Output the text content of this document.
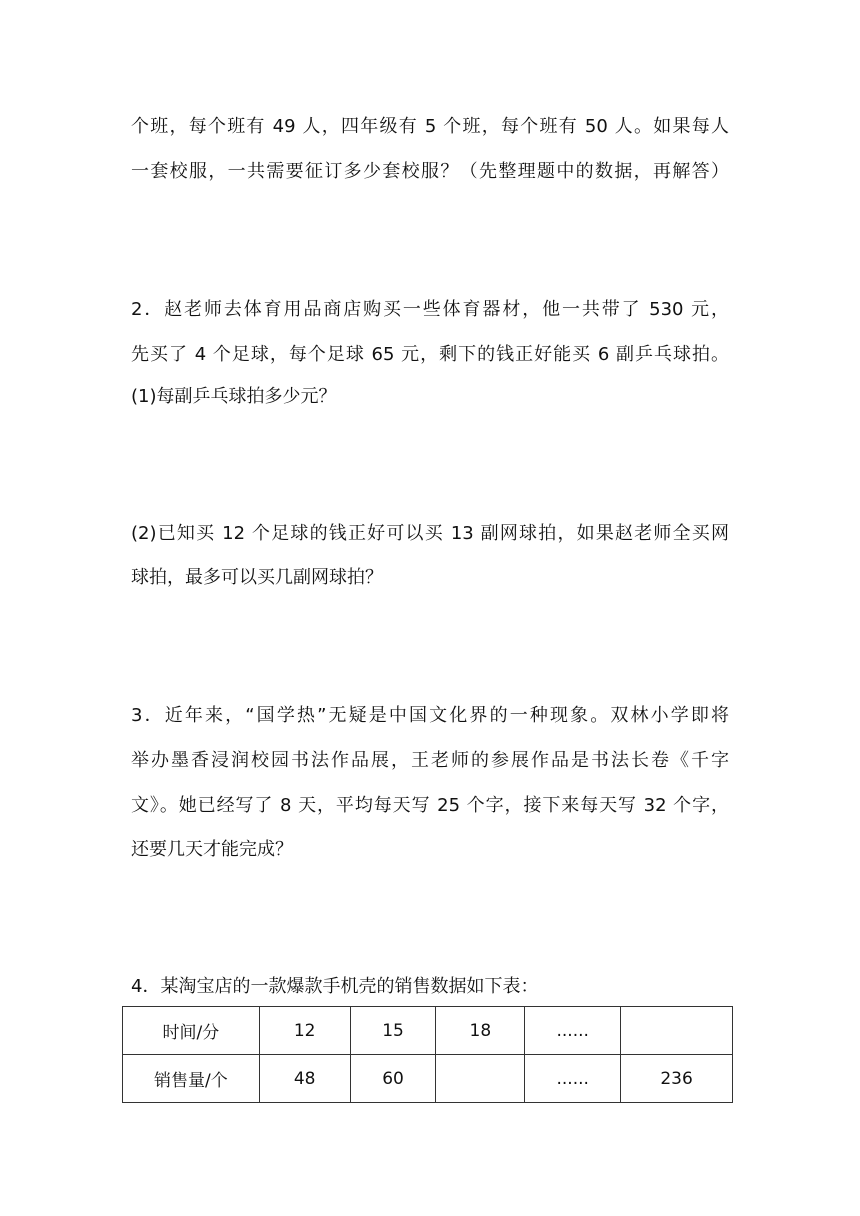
个班，每个班有 49 人，四年级有 5 个班，每个班有 50 人。如果每人
一套校服，一共需要征订多少套校服？（先整理题中的数据，再解答）
2．赵老师去体育用品商店购买一些体育器材，他一共带了 530 元，
先买了 4 个足球，每个足球 65 元，剩下的钱正好能买 6 副乒乓球拍。
(1)每副乒乓球拍多少元？
(2)已知买 12 个足球的钱正好可以买 13 副网球拍，如果赵老师全买网
球拍，最多可以买几副网球拍？
3．近年来，“国学热”无疑是中国文化界的一种现象。双林小学即将
举办墨香浸润校园书法作品展，王老师的参展作品是书法长卷《千字
文》。她已经写了 8 天，平均每天写 25 个字，接下来每天写 32 个字，
还要几天才能完成？
4．某淘宝店的一款爆款手机壳的销售数据如下表：
时间/分	12	15	18	......	
销售量/个	48	60		......	236
